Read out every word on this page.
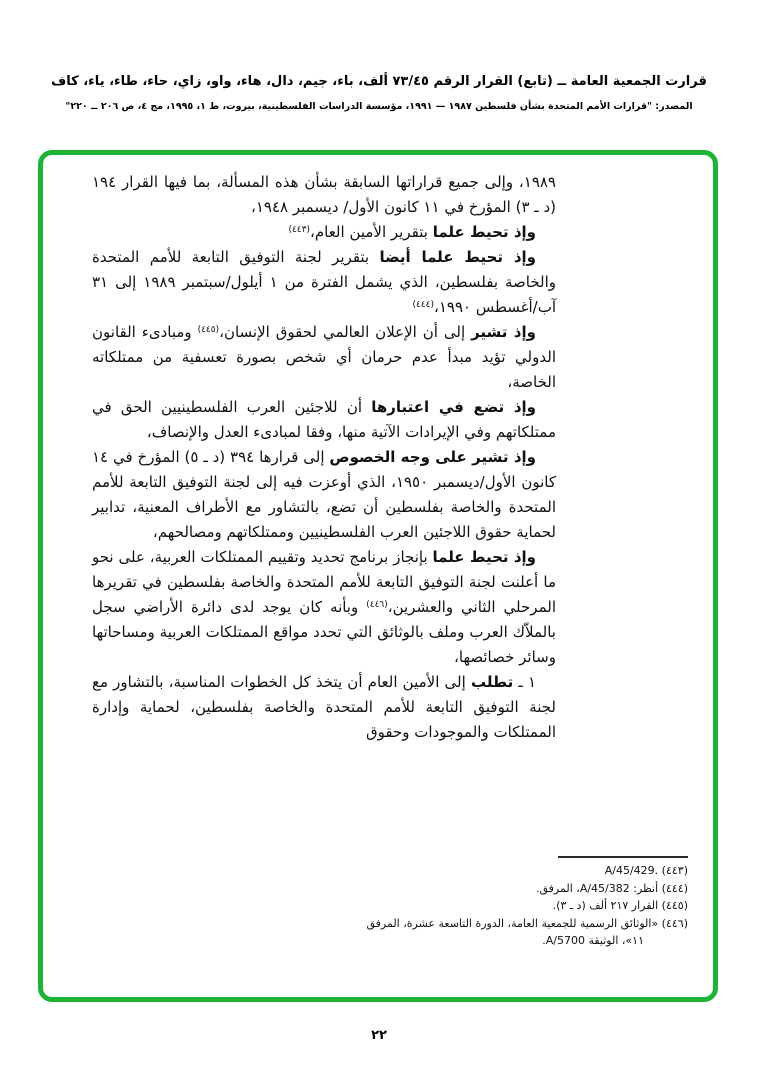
قرارت الجمعية العامة ــ (تابع) القرار الرقم ٧٣/٤٥ ألف، باء، جيم، دال، هاء، واو، زاي، حاء، طاء، ياء، كاف
المصدر: "قرارات الأمم المتحدة بشأن فلسطين ١٩٨٧ — ١٩٩١، مؤسسة الدراسات الفلسطينية، بيروت، ط ١، ١٩٩٥، مج ٤، ص ٢٠٦ ــ ٢٢٠"

١٩٨٩، وإلى جميع قراراتها السابقة بشأن هذه المسألة، بما فيها القرار ١٩٤ (د ـ ٣) المؤرخ في ١١ كانون الأول/ ديسمبر ١٩٤٨،

وإذ تحيط علما بتقرير الأمين العام،$^{(٤٤٣)}$

وإذ تحيط علما أيضا بتقرير لجنة التوفيق التابعة للأمم المتحدة والخاصة بفلسطين، الذي يشمل الفترة من ١ أيلول/سبتمبر ١٩٨٩ إلى ٣١ آب/أغسطس ١٩٩٠،$^{(٤٤٤)}$

وإذ تشير إلى أن الإعلان العالمي لحقوق الإنسان،$^{(٤٤٥)}$ ومبادىء القانون الدولي تؤيد مبدأ عدم حرمان أي شخص بصورة تعسفية من ممتلكاته الخاصة،

وإذ تضع في اعتبارها أن للاجئين العرب الفلسطينيين الحق في ممتلكاتهم وفي الإيرادات الآتية منها، وفقا لمبادىء العدل والإنصاف،

وإذ تشير على وجه الخصوص إلى قرارها ٣٩٤ (د ـ ٥) المؤرخ في ١٤ كانون الأول/ديسمبر ١٩٥٠، الذي أوعزت فيه إلى لجنة التوفيق التابعة للأمم المتحدة والخاصة بفلسطين أن تضع، بالتشاور مع الأطراف المعنية، تدابير لحماية حقوق اللاجئين العرب الفلسطينيين وممتلكاتهم ومصالحهم،

وإذ تحيط علما بإنجاز برنامج تحديد وتقييم الممتلكات العربية، على نحو ما أعلنت لجنة التوفيق التابعة للأمم المتحدة والخاصة بفلسطين في تقريرها المرحلي الثاني والعشرين،$^{(٤٤٦)}$ وبأنه كان يوجد لدى دائرة الأراضي سجل بالملاّك العرب وملف بالوثائق التي تحدد مواقع الممتلكات العربية ومساحاتها وسائر خصائصها،

١ ـ تطلب إلى الأمين العام أن يتخذ كل الخطوات المناسبة، بالتشاور مع لجنة التوفيق التابعة للأمم المتحدة والخاصة بفلسطين، لحماية وإدارة الممتلكات والموجودات وحقوق

(٤٤٣) A/45/429.
(٤٤٤) أنظر: A/45/382، المرفق.
(٤٤٥) القرار ٢١٧ ألف (د ـ ٣).
(٤٤٦) «الوثائق الرسمية للجمعية العامة، الدورة التاسعة عشرة، المرفق ١١»، الوثيقة A/5700.
٢٢
